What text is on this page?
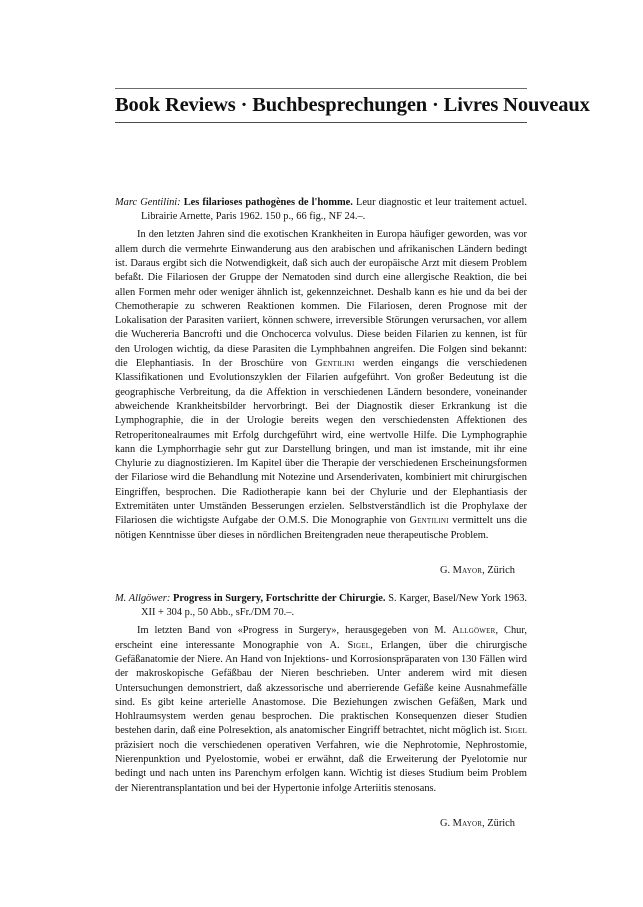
Book Reviews · Buchbesprechungen · Livres Nouveaux

Marc Gentilini: Les filarioses pathogènes de l'homme. Leur diagnostic et leur traitement actuel. Librairie Arnette, Paris 1962. 150 p., 66 fig., NF 24.–.

In den letzten Jahren sind die exotischen Krankheiten in Europa häufiger geworden, was vor allem durch die vermehrte Einwanderung aus den arabischen und afrikanischen Ländern bedingt ist. Daraus ergibt sich die Notwendigkeit, daß sich auch der europäische Arzt mit diesem Problem befaßt. Die Filariosen der Gruppe der Nematoden sind durch eine allergische Reaktion, die bei allen Formen mehr oder weniger ähnlich ist, gekennzeichnet. Deshalb kann es hie und da bei der Chemotherapie zu schweren Reaktionen kommen. Die Filariosen, deren Prognose mit der Lokalisation der Parasiten variiert, können schwere, irreversible Störungen verursachen, vor allem die Wuchereria Bancrofti und die Onchocerca volvulus. Diese beiden Filarien zu kennen, ist für den Urologen wichtig, da diese Parasiten die Lymphbahnen angreifen. Die Folgen sind bekannt: die Elephantiasis. In der Broschüre von Gentilini werden eingangs die verschiedenen Klassifikationen und Evolutionszyklen der Filarien aufgeführt. Von großer Bedeutung ist die geographische Verbreitung, da die Affektion in verschiedenen Ländern besondere, voneinander abweichende Krankheitsbilder hervorbringt. Bei der Diagnostik dieser Erkrankung ist die Lymphographie, die in der Urologie bereits wegen den verschiedensten Affektionen des Retroperitonealraumes mit Erfolg durchgeführt wird, eine wertvolle Hilfe. Die Lymphographie kann die Lymphorrhagie sehr gut zur Darstellung bringen, und man ist imstande, mit ihr eine Chylurie zu diagnostizieren. Im Kapitel über die Therapie der verschiedenen Erscheinungsformen der Filariose wird die Behandlung mit Notezine und Arsenderivaten, kombiniert mit chirurgischen Eingriffen, besprochen. Die Radiotherapie kann bei der Chylurie und der Elephantiasis der Extremitäten unter Umständen Besserungen erzielen. Selbstverständlich ist die Prophylaxe der Filariosen die wichtigste Aufgabe der O.M.S. Die Monographie von Gentilini vermittelt uns die nötigen Kenntnisse über dieses in nördlichen Breitengraden neue therapeutische Problem.

G. Mayor, Zürich

M. Allgöwer: Progress in Surgery, Fortschritte der Chirurgie. S. Karger, Basel/New York 1963. XII + 304 p., 50 Abb., sFr./DM 70.–.

Im letzten Band von «Progress in Surgery», herausgegeben von M. Allgöwer, Chur, erscheint eine interessante Monographie von A. Sigel, Erlangen, über die chirurgische Gefäßanatomie der Niere. An Hand von Injektions- und Korrosionspräparaten von 130 Fällen wird der makroskopische Gefäßbau der Nieren beschrieben. Unter anderem wird mit diesen Untersuchungen demonstriert, daß akzessorische und aberrierende Gefäße keine Ausnahmefälle sind. Es gibt keine arterielle Anastomose. Die Beziehungen zwischen Gefäßen, Mark und Hohlraumsystem werden genau besprochen. Die praktischen Konsequenzen dieser Studien bestehen darin, daß eine Polresektion, als anatomischer Eingriff betrachtet, nicht möglich ist. Sigel präzisiert noch die verschiedenen operativen Verfahren, wie die Nephrotomie, Nephrostomie, Nierenpunktion und Pyelostomie, wobei er erwähnt, daß die Erweiterung der Pyelotomie nur bedingt und nach unten ins Parenchym erfolgen kann. Wichtig ist dieses Studium beim Problem der Nierentransplantation und bei der Hypertonie infolge Arteriitis stenosans.

G. Mayor, Zürich
